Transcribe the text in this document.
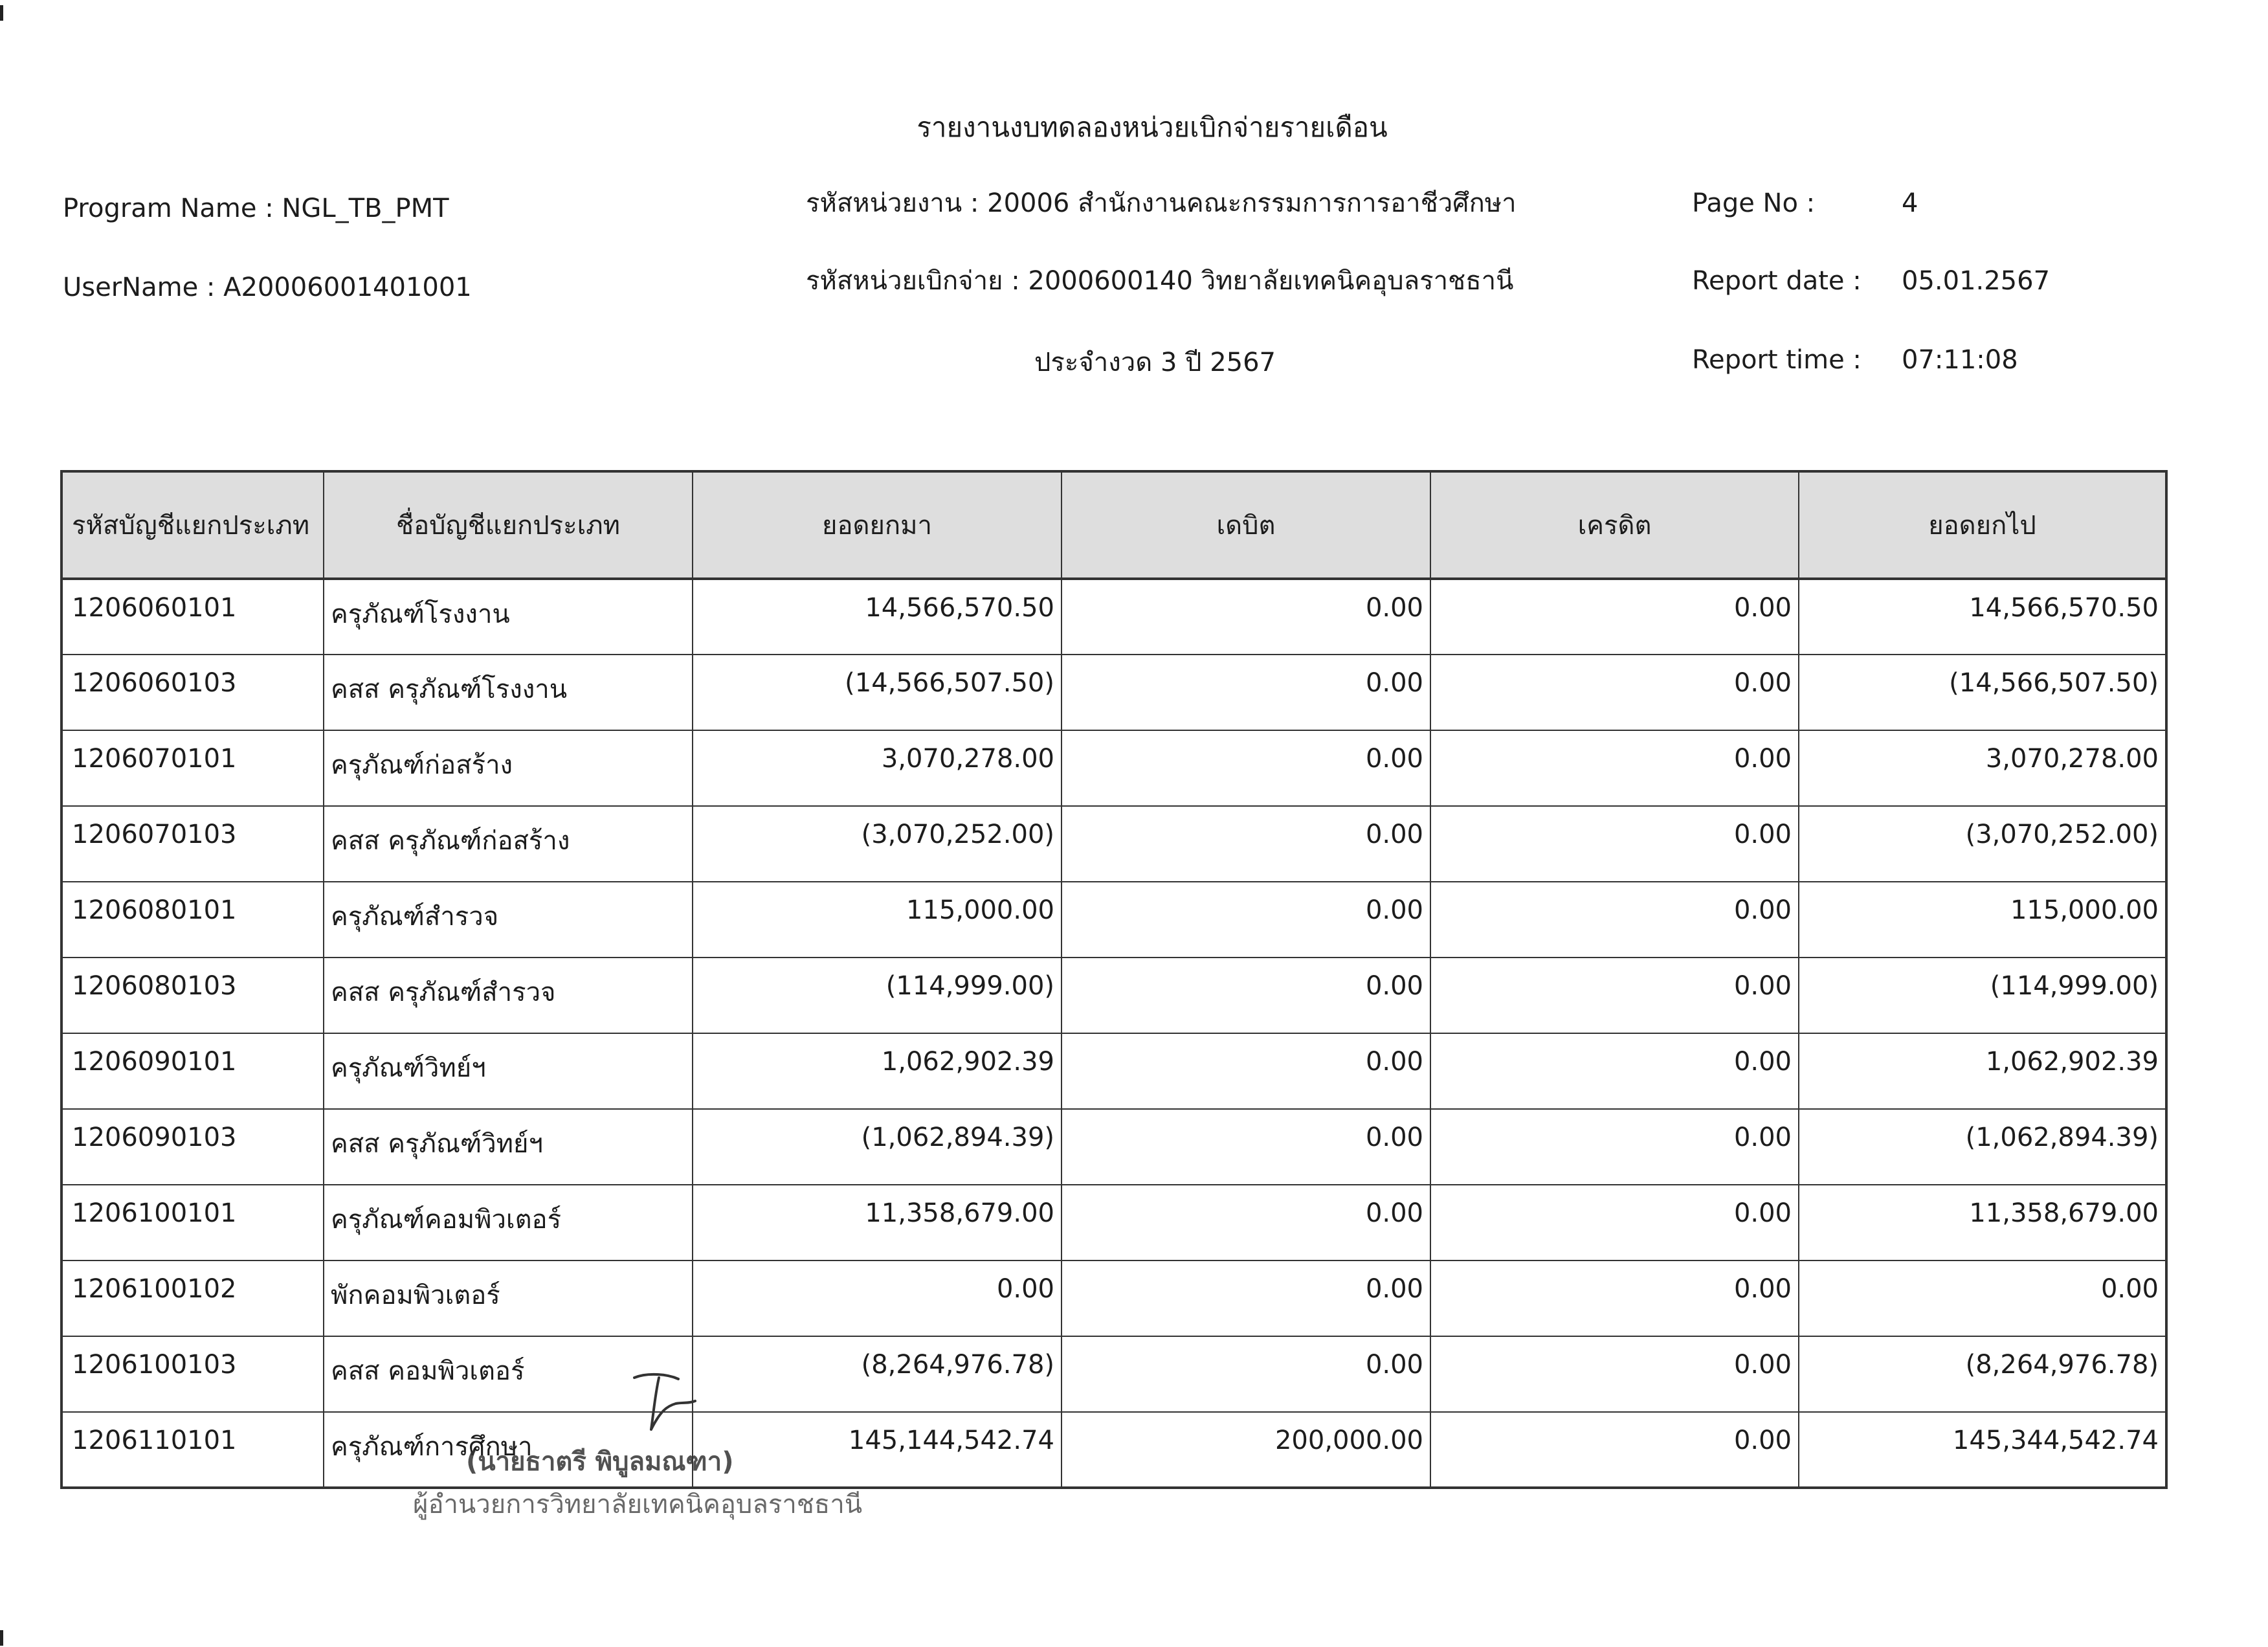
รายงานงบทดลองหน่วยเบิกจ่ายรายเดือน
Program Name : NGL_TB_PMT
UserName : A20006001401001
รหัสหน่วยงาน : 20006 สำนักงานคณะกรรมการการอาชีวศึกษา
รหัสหน่วยเบิกจ่าย : 2000600140 วิทยาลัยเทคนิคอุบลราชธานี
ประจำงวด 3 ปี 2567
Page No :	4
Report date : 05.01.2567
Report time : 07:11:08
รหัสบัญชีแยกประเภท	ชื่อบัญชีแยกประเภท	ยอดยกมา	เดบิต	เครดิต	ยอดยกไป
1206060101	ครุภัณฑ์โรงงาน	14,566,570.50	0.00	0.00	14,566,570.50
1206060103	คสส ครุภัณฑ์โรงงาน	(14,566,507.50)	0.00	0.00	(14,566,507.50)
1206070101	ครุภัณฑ์ก่อสร้าง	3,070,278.00	0.00	0.00	3,070,278.00
1206070103	คสส ครุภัณฑ์ก่อสร้าง	(3,070,252.00)	0.00	0.00	(3,070,252.00)
1206080101	ครุภัณฑ์สำรวจ	115,000.00	0.00	0.00	115,000.00
1206080103	คสส ครุภัณฑ์สำรวจ	(114,999.00)	0.00	0.00	(114,999.00)
1206090101	ครุภัณฑ์วิทย์ฯ	1,062,902.39	0.00	0.00	1,062,902.39
1206090103	คสส ครุภัณฑ์วิทย์ฯ	(1,062,894.39)	0.00	0.00	(1,062,894.39)
1206100101	ครุภัณฑ์คอมพิวเตอร์	11,358,679.00	0.00	0.00	11,358,679.00
1206100102	พักคอมพิวเตอร์	0.00	0.00	0.00	0.00
1206100103	คสส คอมพิวเตอร์	(8,264,976.78)	0.00	0.00	(8,264,976.78)
1206110101	ครุภัณฑ์การศึกษา	145,144,542.74	200,000.00	0.00	145,344,542.74
(นายธาตรี พิบูลมณฑา)
ผู้อำนวยการวิทยาลัยเทคนิคอุบลราชธานี
